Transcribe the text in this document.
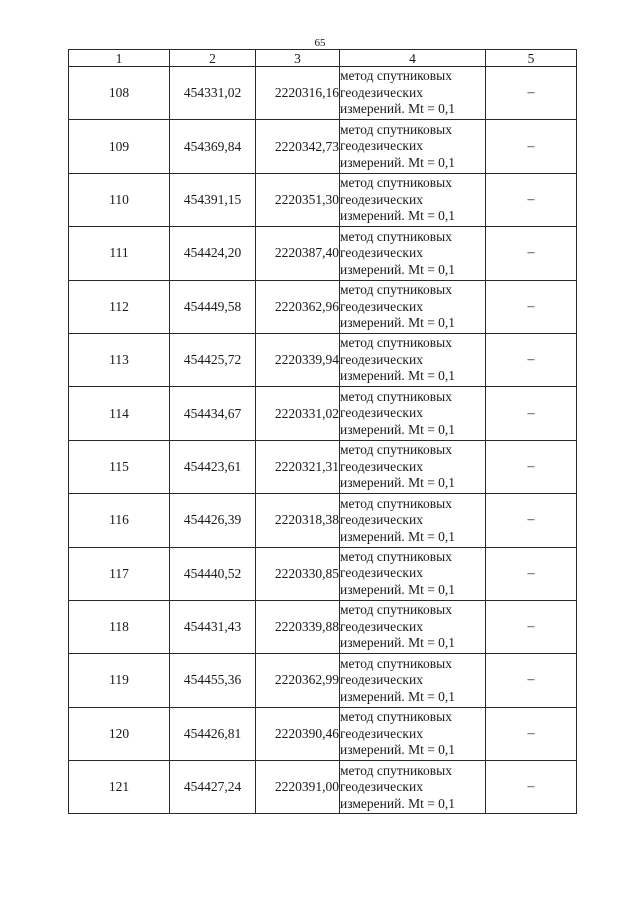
65
1	2	3	4	5
108	454331,02	2220316,16	метод спутниковых
геодезических
измерений. Mt = 0,1	–
109	454369,84	2220342,73	метод спутниковых
геодезических
измерений. Mt = 0,1	–
110	454391,15	2220351,30	метод спутниковых
геодезических
измерений. Mt = 0,1	–
111	454424,20	2220387,40	метод спутниковых
геодезических
измерений. Mt = 0,1	–
112	454449,58	2220362,96	метод спутниковых
геодезических
измерений. Mt = 0,1	–
113	454425,72	2220339,94	метод спутниковых
геодезических
измерений. Mt = 0,1	–
114	454434,67	2220331,02	метод спутниковых
геодезических
измерений. Mt = 0,1	–
115	454423,61	2220321,31	метод спутниковых
геодезических
измерений. Mt = 0,1	–
116	454426,39	2220318,38	метод спутниковых
геодезических
измерений. Mt = 0,1	–
117	454440,52	2220330,85	метод спутниковых
геодезических
измерений. Mt = 0,1	–
118	454431,43	2220339,88	метод спутниковых
геодезических
измерений. Mt = 0,1	–
119	454455,36	2220362,99	метод спутниковых
геодезических
измерений. Mt = 0,1	–
120	454426,81	2220390,46	метод спутниковых
геодезических
измерений. Mt = 0,1	–
121	454427,24	2220391,00	метод спутниковых
геодезических
измерений. Mt = 0,1	–
